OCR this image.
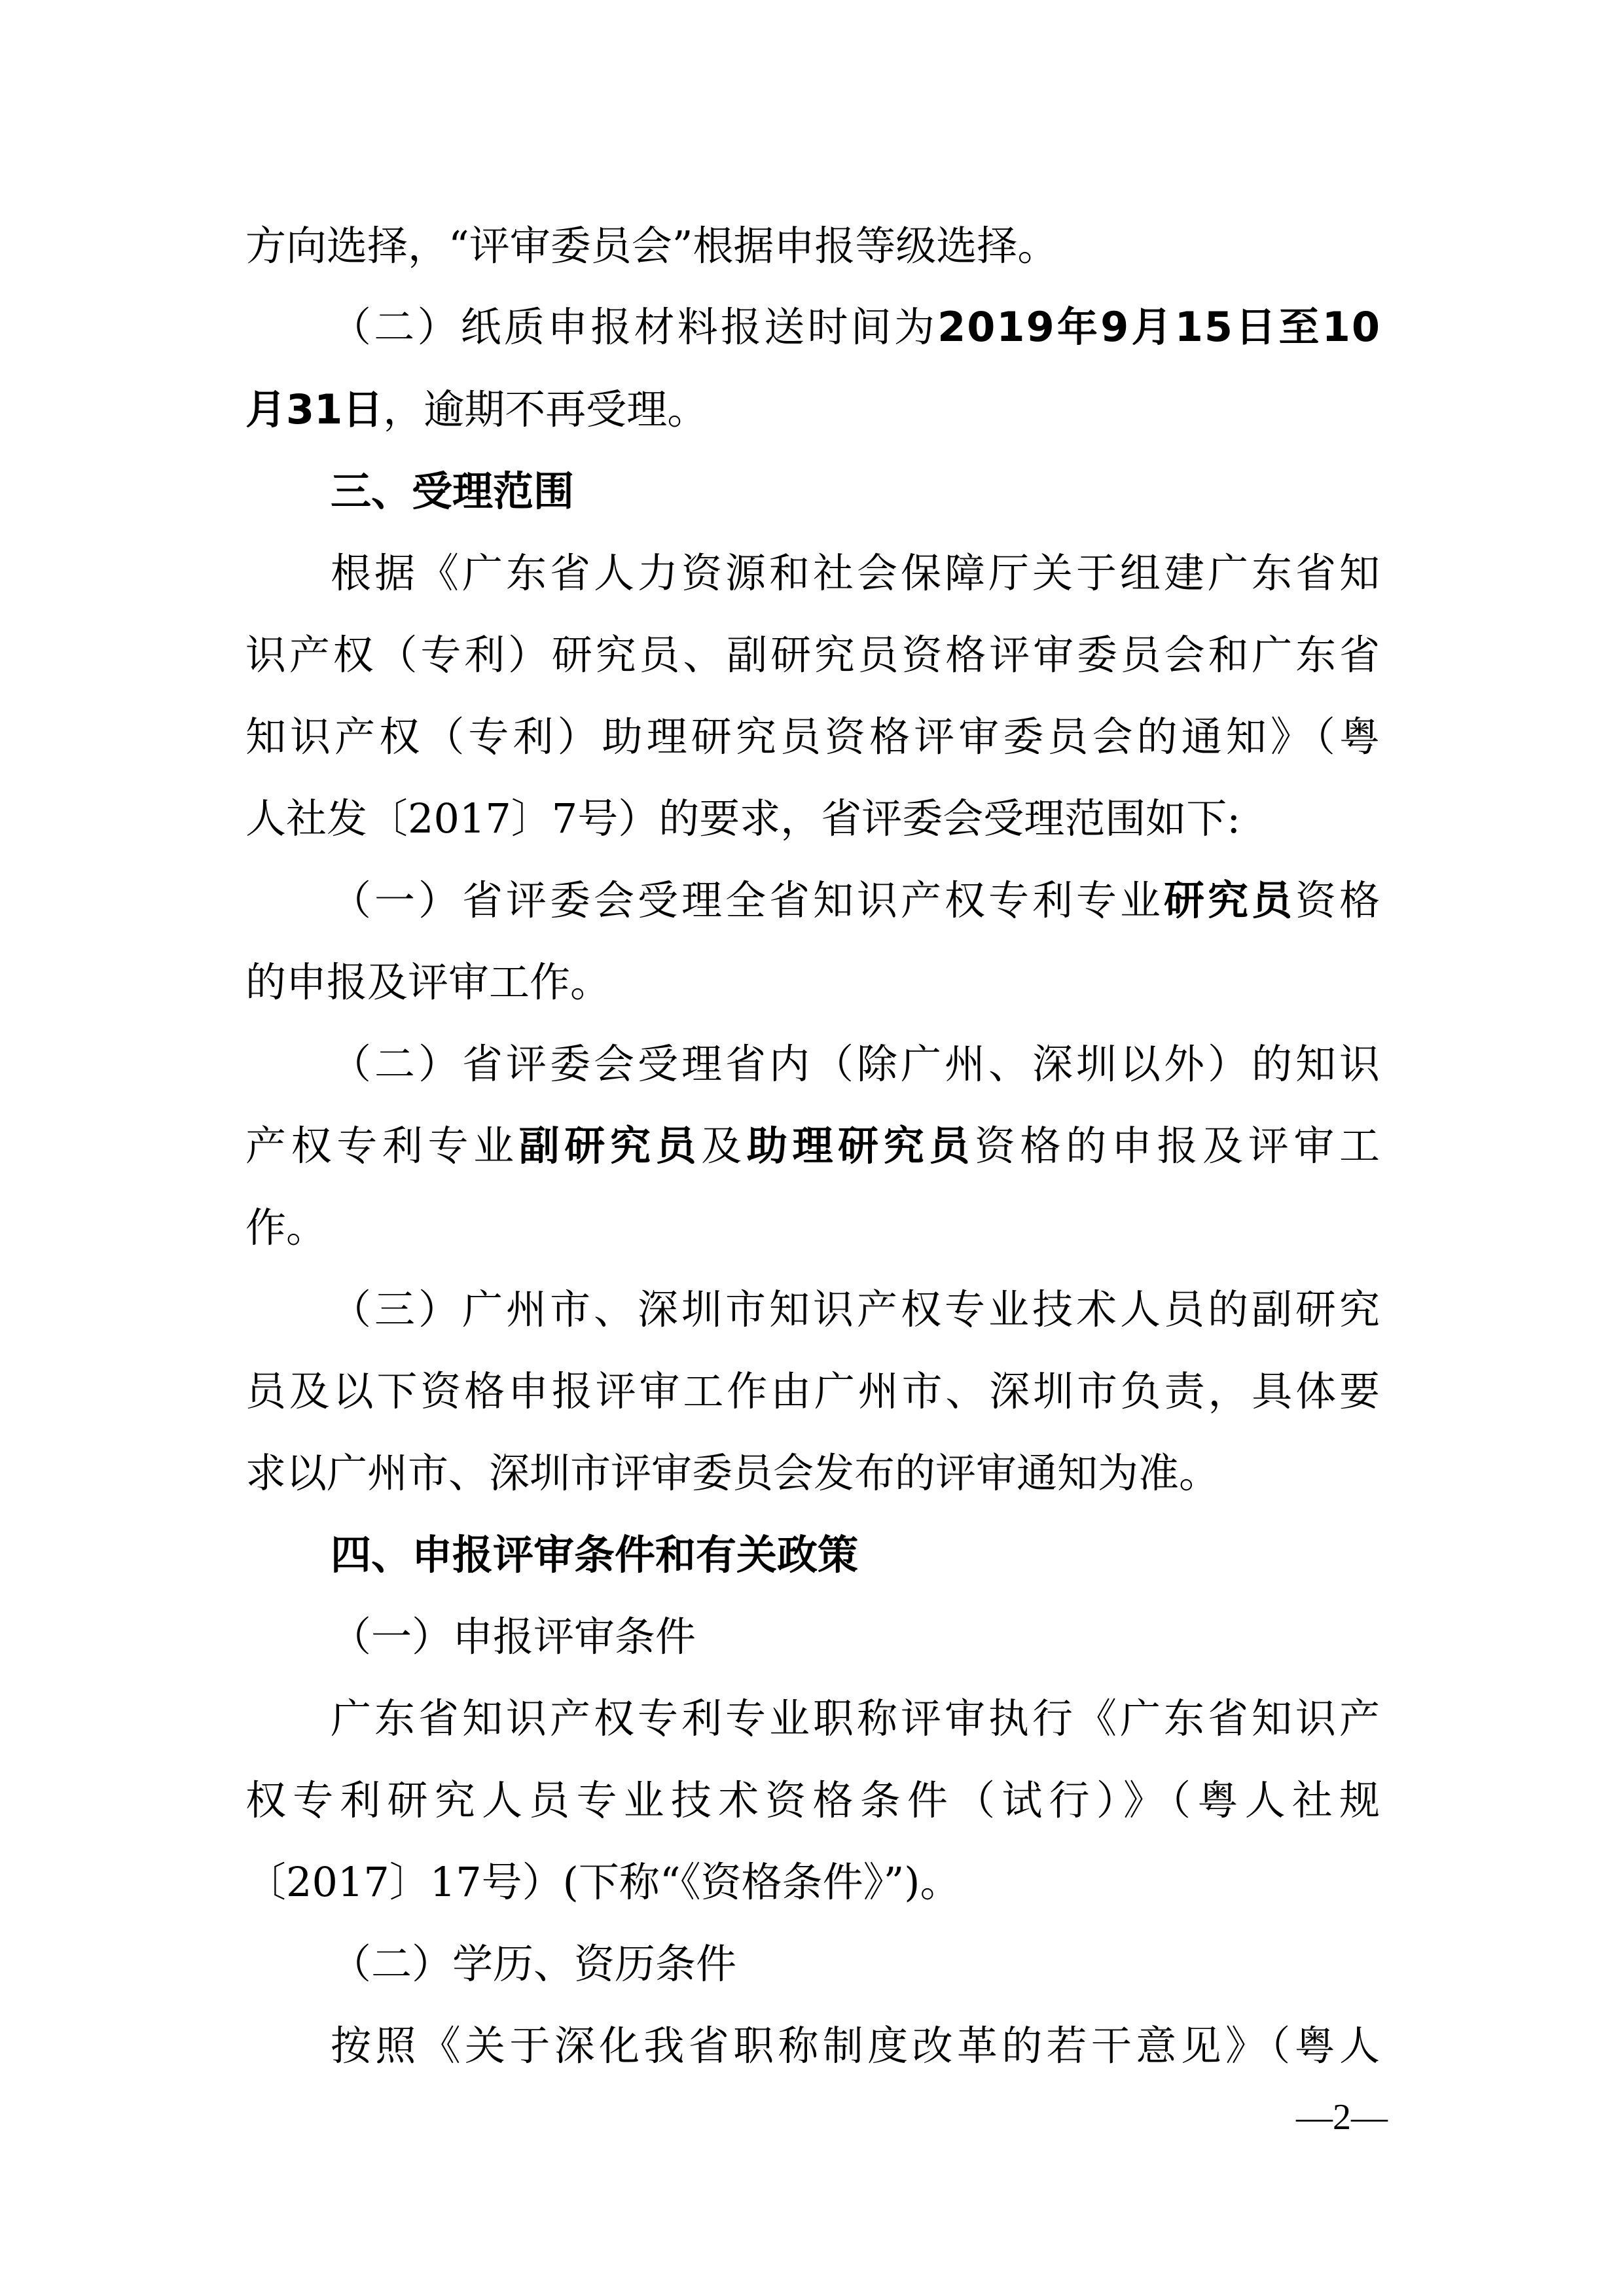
方向选择，“评审委员会”根据申报等级选择。
（二）纸质申报材料报送时间为2019年9月15日至10
月31日，逾期不再受理。
三、受理范围
根据《广东省人力资源和社会保障厅关于组建广东省知
识产权（专利）研究员、副研究员资格评审委员会和广东省
知识产权（专利）助理研究员资格评审委员会的通知》（粤
人社发〔2017〕7号）的要求，省评委会受理范围如下:
（一）省评委会受理全省知识产权专利专业研究员资格
的申报及评审工作。
（二）省评委会受理省内（除广州、深圳以外）的知识
产权专利专业副研究员及助理研究员资格的申报及评审工
作。
（三）广州市、深圳市知识产权专业技术人员的副研究
员及以下资格申报评审工作由广州市、深圳市负责，具体要
求以广州市、深圳市评审委员会发布的评审通知为准。
四、申报评审条件和有关政策
（一）申报评审条件
广东省知识产权专利专业职称评审执行《广东省知识产
权专利研究人员专业技术资格条件（试行）》（粤人社规
〔2017〕17号）(下称“《资格条件》”)。
（二）学历、资历条件
按照《关于深化我省职称制度改革的若干意见》（粤人
—2—
